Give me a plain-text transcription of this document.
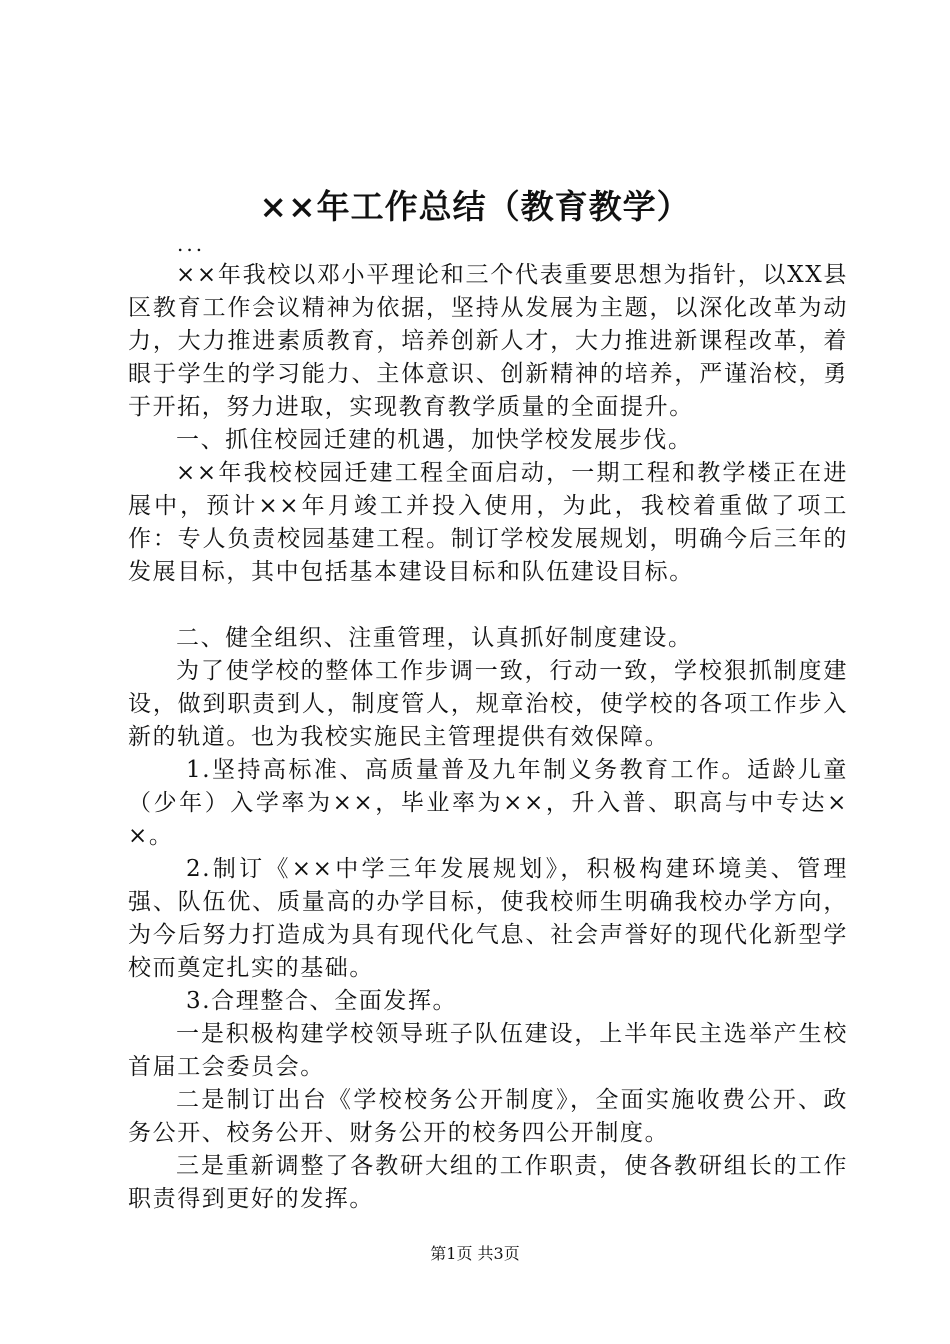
××年工作总结（教育教学）
...

××年我校以邓小平理论和三个代表重要思想为指针，以XX县区教育工作会议精神为依据，坚持从发展为主题，以深化改革为动力，大力推进素质教育，培养创新人才，大力推进新课程改革，着眼于学生的学习能力、主体意识、创新精神的培养，严谨治校，勇于开拓，努力进取，实现教育教学质量的全面提升。

一、抓住校园迁建的机遇，加快学校发展步伐。

××年我校校园迁建工程全面启动，一期工程和教学楼正在进展中，预计××年月竣工并投入使用，为此，我校着重做了项工作：专人负责校园基建工程。制订学校发展规划，明确今后三年的发展目标，其中包括基本建设目标和队伍建设目标。

二、健全组织、注重管理，认真抓好制度建设。

为了使学校的整体工作步调一致，行动一致，学校狠抓制度建设，做到职责到人，制度管人，规章治校，使学校的各项工作步入新的轨道。也为我校实施民主管理提供有效保障。

1.坚持高标准、高质量普及九年制义务教育工作。适龄儿童（少年）入学率为××，毕业率为××，升入普、职高与中专达××。

2.制订《××中学三年发展规划》，积极构建环境美、管理强、队伍优、质量高的办学目标，使我校师生明确我校办学方向，为今后努力打造成为具有现代化气息、社会声誉好的现代化新型学校而奠定扎实的基础。

3.合理整合、全面发挥。

一是积极构建学校领导班子队伍建设，上半年民主选举产生校首届工会委员会。

二是制订出台《学校校务公开制度》，全面实施收费公开、政务公开、校务公开、财务公开的校务四公开制度。

三是重新调整了各教研大组的工作职责，使各教研组长的工作职责得到更好的发挥。

第1页 共3页
